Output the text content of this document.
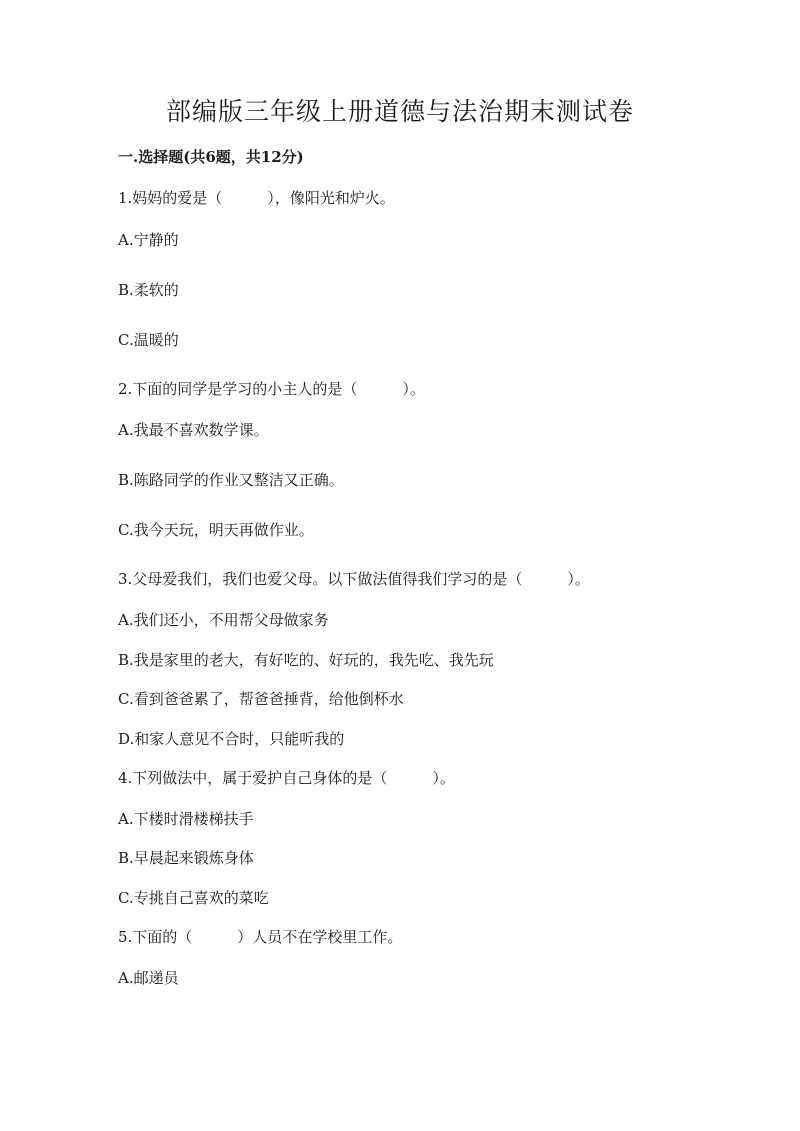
部编版三年级上册道德与法治期末测试卷
一.选择题(共6题，共12分)

1.妈妈的爱是（　　　），像阳光和炉火。

A.宁静的

B.柔软的

C.温暖的

2.下面的同学是学习的小主人的是（　　　）。

A.我最不喜欢数学课。

B.陈路同学的作业又整洁又正确。

C.我今天玩，明天再做作业。

3.父母爱我们，我们也爱父母。以下做法值得我们学习的是（　　　）。

A.我们还小，不用帮父母做家务

B.我是家里的老大，有好吃的、好玩的，我先吃、我先玩

C.看到爸爸累了，帮爸爸捶背，给他倒杯水

D.和家人意见不合时，只能听我的

4.下列做法中，属于爱护自己身体的是（　　　）。

A.下楼时滑楼梯扶手

B.早晨起来锻炼身体

C.专挑自己喜欢的菜吃

5.下面的（　　　）人员不在学校里工作。

A.邮递员
